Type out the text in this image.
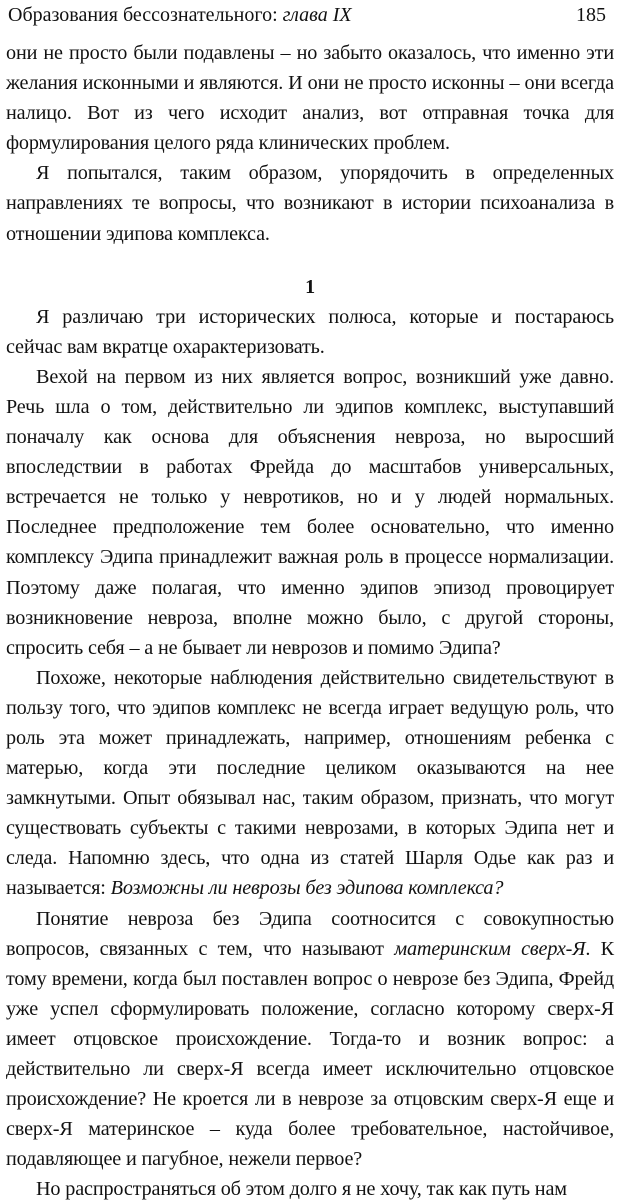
Образования бессознательного: глава IX	185

они не просто были подавлены – но забыто оказалось, что именно эти желания исконными и являются. И они не просто исконны – они всегда налицо. Вот из чего исходит анализ, вот отправная точка для формулирования целого ряда клинических проблем.

Я попытался, таким образом, упорядочить в определенных направлениях те вопросы, что возникают в истории психоанализа в отношении эдипова комплекса.

1

Я различаю три исторических полюса, которые и постараюсь сейчас вам вкратце охарактеризовать.

Вехой на первом из них является вопрос, возникший уже давно. Речь шла о том, действительно ли эдипов комплекс, выступавший поначалу как основа для объяснения невроза, но выросший впоследствии в работах Фрейда до масштабов универсальных, встречается не только у невротиков, но и у людей нормальных. Последнее предположение тем более основательно, что именно комплексу Эдипа принадлежит важная роль в процессе нормализации. Поэтому даже полагая, что именно эдипов эпизод провоцирует возникновение невроза, вполне можно было, с другой стороны, спросить себя – а не бывает ли неврозов и помимо Эдипа?

Похоже, некоторые наблюдения действительно свидетельствуют в пользу того, что эдипов комплекс не всегда играет ведущую роль, что роль эта может принадлежать, например, отношениям ребенка с матерью, когда эти последние целиком оказываются на нее замкнутыми. Опыт обязывал нас, таким образом, признать, что могут существовать субъекты с такими неврозами, в которых Эдипа нет и следа. Напомню здесь, что одна из статей Шарля Одье как раз и называется: Возможны ли неврозы без эдипова комплекса?

Понятие невроза без Эдипа соотносится с совокупностью вопросов, связанных с тем, что называют материнским сверх-Я. К тому времени, когда был поставлен вопрос о неврозе без Эдипа, Фрейд уже успел сформулировать положение, согласно которому сверх-Я имеет отцовское происхождение. Тогда-то и возник вопрос: а действительно ли сверх-Я всегда имеет исключительно отцовское происхождение? Не кроется ли в неврозе за отцовским сверх-Я еще и сверх-Я материнское – куда более требовательное, настойчивое, подавляющее и пагубное, нежели первое?

Но распространяться об этом долго я не хочу, так как путь нам
